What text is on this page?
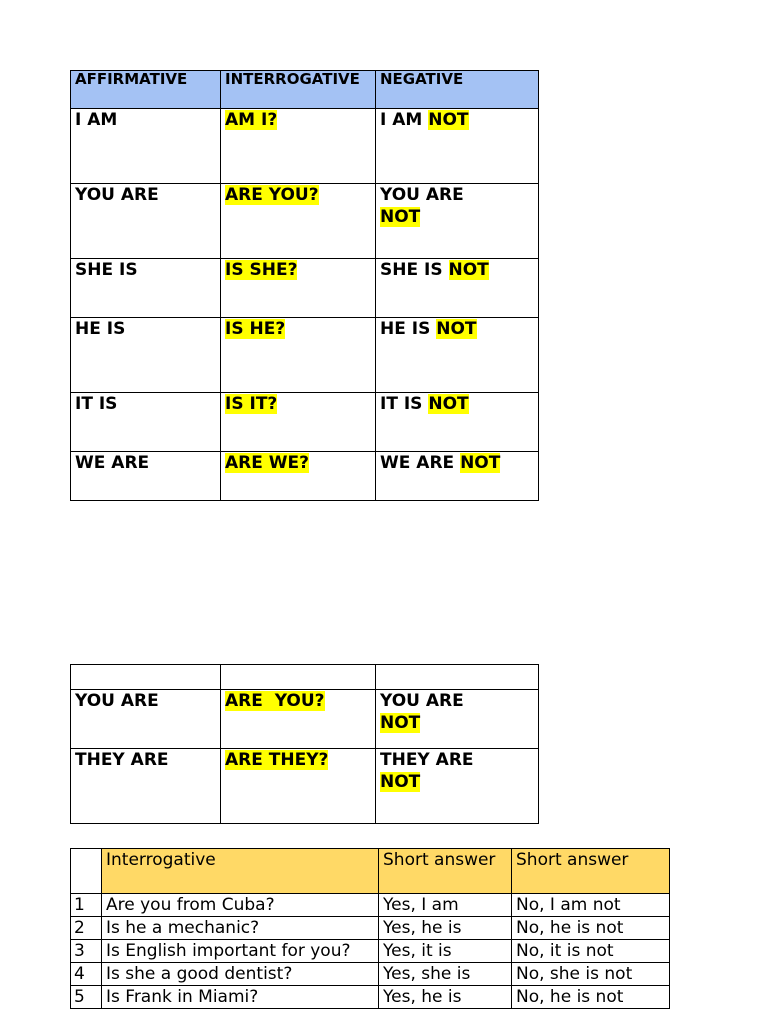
AFFIRMATIVE	INTERROGATIVE	NEGATIVE
I AM	AM I?	I AM NOT
YOU ARE	ARE YOU?	YOU ARE
NOT
SHE IS	IS SHE?	SHE IS NOT
HE IS	IS HE?	HE IS NOT
IT IS	IS IT?	IT IS NOT
WE ARE	ARE WE?	WE ARE NOT

YOU ARE	ARE  YOU?	YOU ARE
NOT
THEY ARE	ARE THEY?	THEY ARE
NOT
	Interrogative	Short answer	Short answer
1	Are you from Cuba?	Yes, I am	No, I am not
2	Is he a mechanic?	Yes, he is	No, he is not
3	Is English important for you?	Yes, it is	No, it is not
4	Is she a good dentist?	Yes, she is	No, she is not
5	Is Frank in Miami?	Yes, he is	No, he is not
